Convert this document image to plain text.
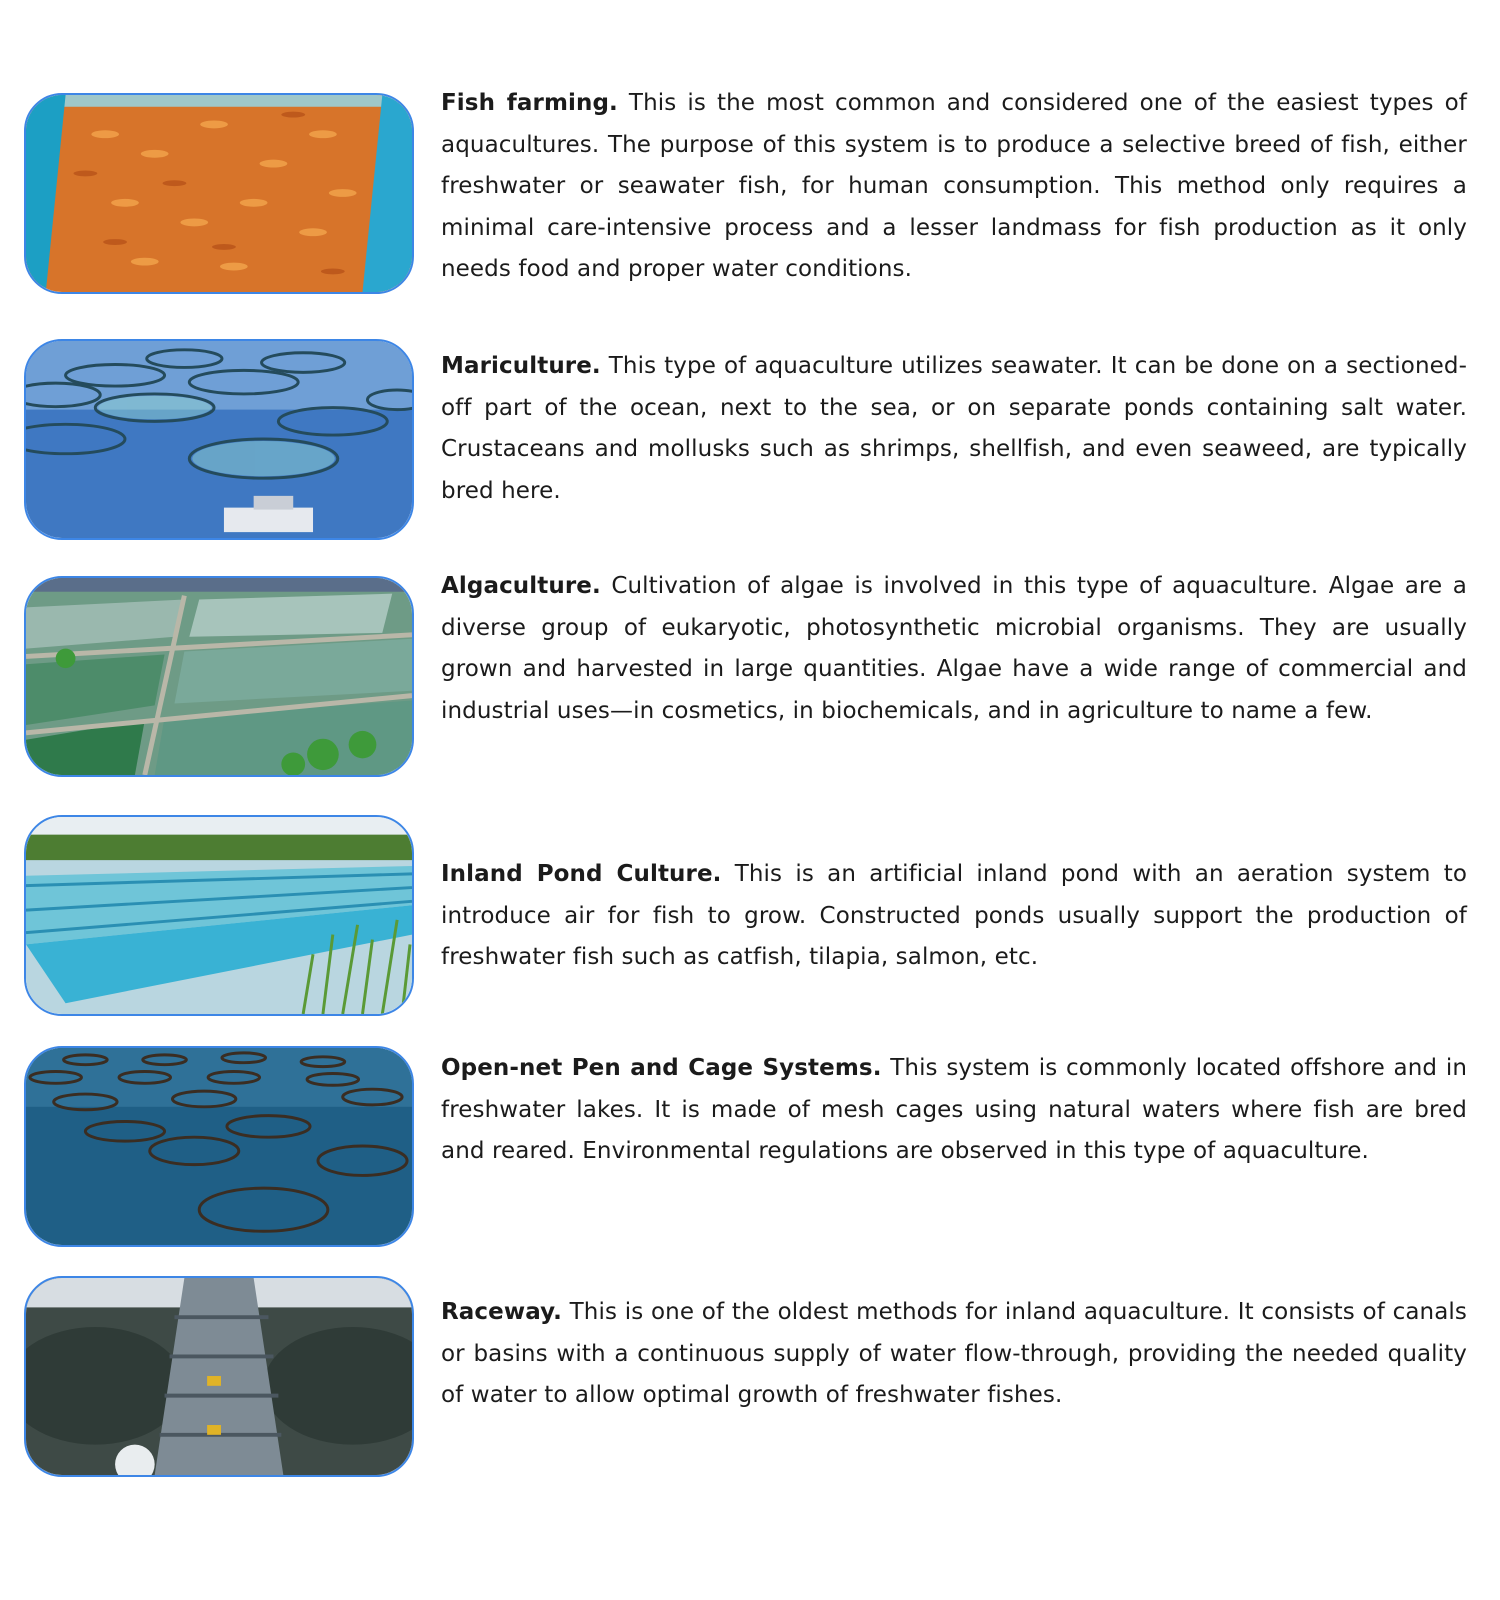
Fish farming. This is the most common and considered one of the easiest types of aquacultures. The purpose of this system is to produce a selective breed of fish, either freshwater or seawater fish, for human consumption. This method only requires a minimal care-intensive process and a lesser landmass for fish production as it only needs food and proper water conditions.

Mariculture. This type of aquaculture utilizes seawater. It can be done on a sectioned-off part of the ocean, next to the sea, or on separate ponds containing salt water. Crustaceans and mollusks such as shrimps, shellfish, and even seaweed, are typically bred here.

Algaculture. Cultivation of algae is involved in this type of aquaculture. Algae are a diverse group of eukaryotic, photosynthetic microbial organisms. They are usually grown and harvested in large quantities. Algae have a wide range of commercial and industrial uses—in cosmetics, in biochemicals, and in agriculture to name a few.

Inland Pond Culture. This is an artificial inland pond with an aeration system to introduce air for fish to grow. Constructed ponds usually support the production of freshwater fish such as catfish, tilapia, salmon, etc.

Open-net Pen and Cage Systems. This system is commonly located offshore and in freshwater lakes. It is made of mesh cages using natural waters where fish are bred and reared. Environmental regulations are observed in this type of aquaculture.

Raceway. This is one of the oldest methods for inland aquaculture. It consists of canals or basins with a continuous supply of water flow-through, providing the needed quality of water to allow optimal growth of freshwater fishes.
